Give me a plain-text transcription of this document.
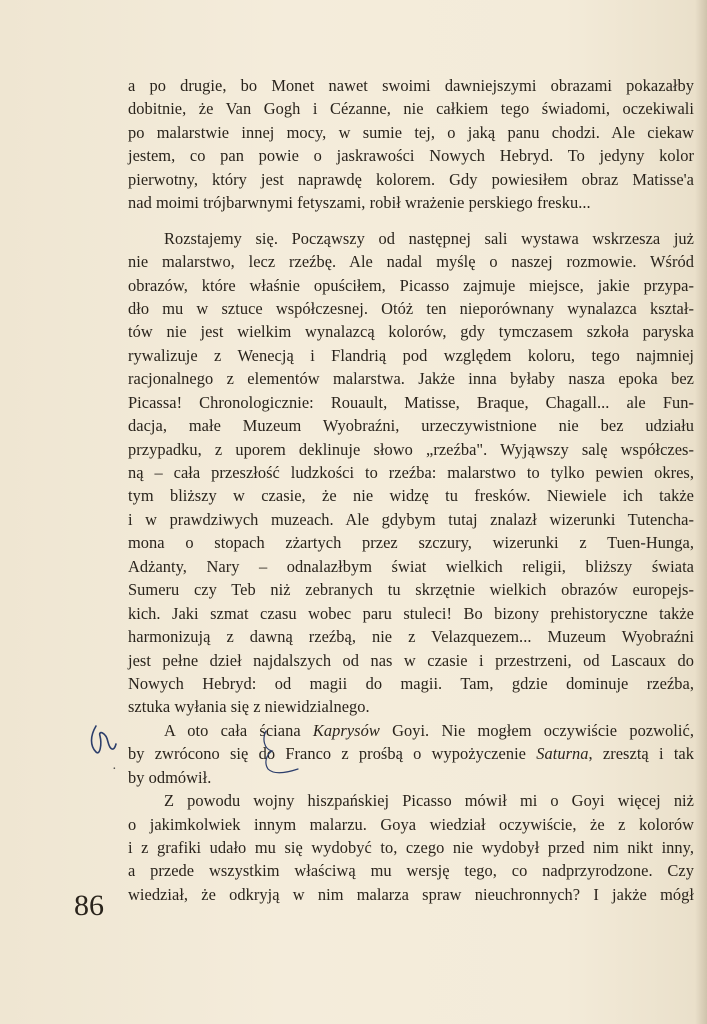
a po drugie, bo Monet nawet swoimi dawniejszymi obrazami pokazałby
dobitnie, że Van Gogh i Cézanne, nie całkiem tego świadomi, oczekiwali
po malarstwie innej mocy, w sumie tej, o jaką panu chodzi. Ale ciekaw
jestem, co pan powie o jaskrawości Nowych Hebryd. To jedyny kolor
pierwotny, który jest naprawdę kolorem. Gdy powiesiłem obraz Matisse'a
nad moimi trójbarwnymi fetyszami, robił wrażenie perskiego fresku...
Rozstajemy się. Począwszy od następnej sali wystawa wskrzesza już
nie malarstwo, lecz rzeźbę. Ale nadal myślę o naszej rozmowie. Wśród
obrazów, które właśnie opuściłem, Picasso zajmuje miejsce, jakie przypa-
dło mu w sztuce współczesnej. Otóż ten nieporównany wynalazca kształ-
tów nie jest wielkim wynalazcą kolorów, gdy tymczasem szkoła paryska
rywalizuje z Wenecją i Flandrią pod względem koloru, tego najmniej
racjonalnego z elementów malarstwa. Jakże inna byłaby nasza epoka bez
Picassa! Chronologicznie: Rouault, Matisse, Braque, Chagall... ale Fun-
dacja, małe Muzeum Wyobraźni, urzeczywistnione nie bez udziału
przypadku, z uporem deklinuje słowo „rzeźba". Wyjąwszy salę współczes-
ną – cała przeszłość ludzkości to rzeźba: malarstwo to tylko pewien okres,
tym bliższy w czasie, że nie widzę tu fresków. Niewiele ich także
i w prawdziwych muzeach. Ale gdybym tutaj znalazł wizerunki Tutencha-
mona o stopach zżartych przez szczury, wizerunki z Tuen-Hunga,
Adżanty, Nary – odnalazłbym świat wielkich religii, bliższy świata
Sumeru czy Teb niż zebranych tu skrzętnie wielkich obrazów europejs-
kich. Jaki szmat czasu wobec paru stuleci! Bo bizony prehistoryczne także
harmonizują z dawną rzeźbą, nie z Velazquezem... Muzeum Wyobraźni
jest pełne dzieł najdalszych od nas w czasie i przestrzeni, od Lascaux do
Nowych Hebryd: od magii do magii. Tam, gdzie dominuje rzeźba,
sztuka wyłania się z niewidzialnego.
A oto cała ściana Kaprysów Goyi. Nie mogłem oczywiście pozwolić,
by zwrócono się do Franco z prośbą o wypożyczenie Saturna, zresztą i tak
by odmówił.
Z powodu wojny hiszpańskiej Picasso mówił mi o Goyi więcej niż
o jakimkolwiek innym malarzu. Goya wiedział oczywiście, że z kolorów
i z grafiki udało mu się wydobyć to, czego nie wydobył przed nim nikt inny,
a przede wszystkim właściwą mu wersję tego, co nadprzyrodzone. Czy
wiedział, że odkryją w nim malarza spraw nieuchronnych? I jakże mógł
·
86
